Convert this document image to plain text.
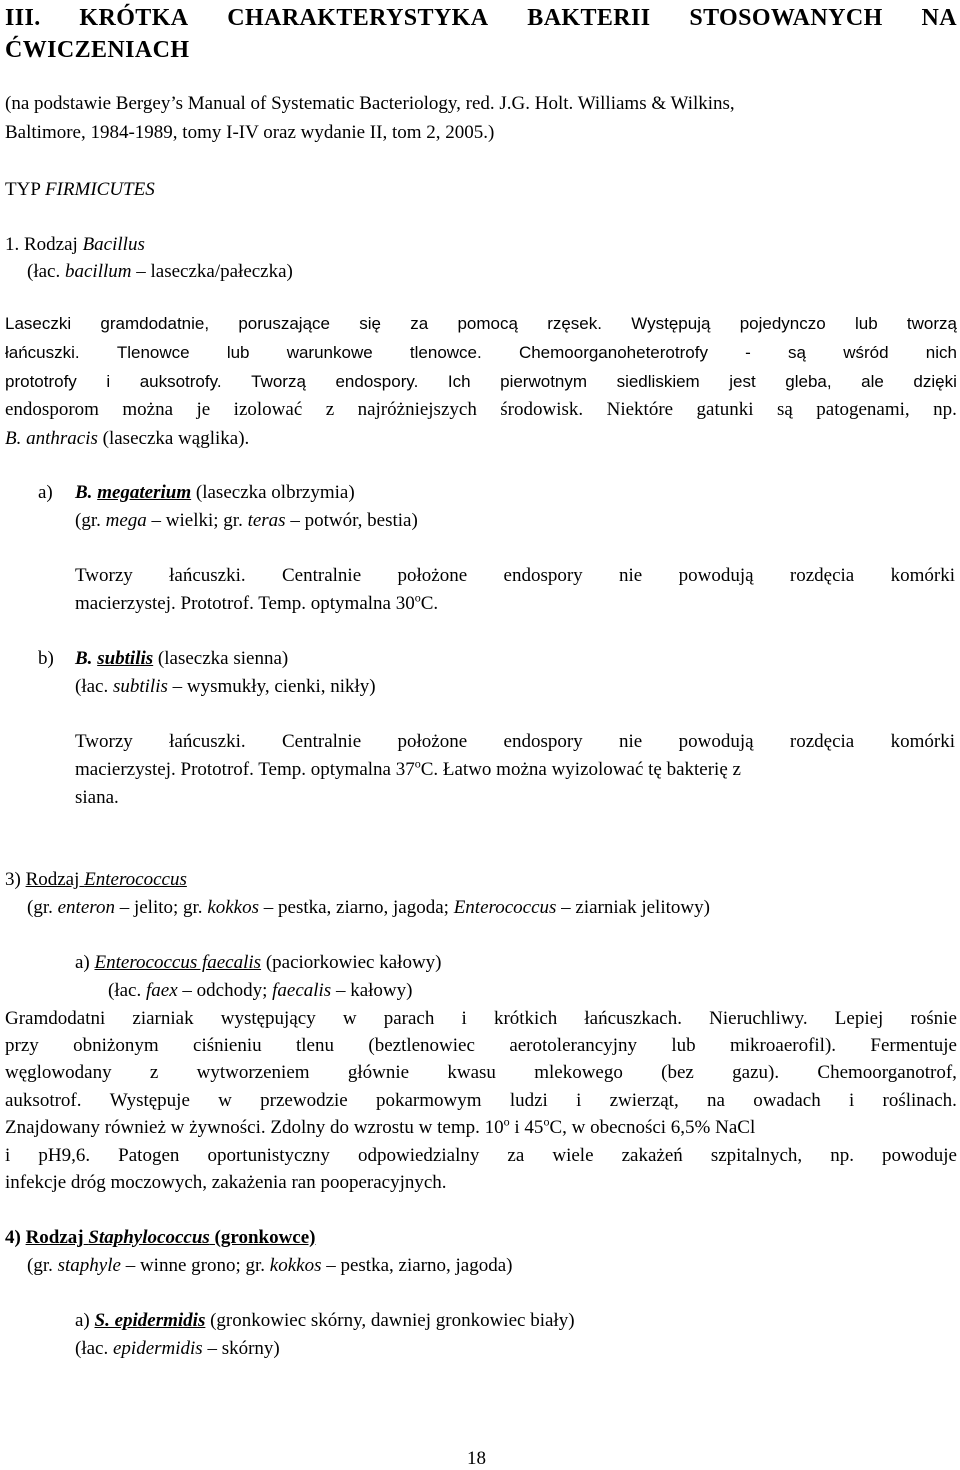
III. KRÓTKA CHARAKTERYSTYKA BAKTERII STOSOWANYCH NA
ĆWICZENIACH
(na podstawie Bergey’s Manual of Systematic Bacteriology, red. J.G. Holt. Williams & Wilkins,
Baltimore, 1984-1989, tomy I-IV oraz wydanie II, tom 2, 2005.)
TYP FIRMICUTES
1. Rodzaj Bacillus
(łac. bacillum – laseczka/pałeczka)
Laseczki gramdodatnie, poruszające się za pomocą rzęsek. Występują pojedynczo lub tworzą
łańcuszki. Tlenowce lub warunkowe tlenowce. Chemoorganoheterotrofy - są wśród nich
prototrofy i auksotrofy. Tworzą endospory. Ich pierwotnym siedliskiem jest gleba, ale dzięki
endosporom można je izolować z najróżniejszych środowisk. Niektóre gatunki są patogenami, np.
B. anthracis (laseczka wąglika).
a) B. megaterium (laseczka olbrzymia)
(gr. mega – wielki; gr. teras – potwór, bestia)
Tworzy łańcuszki. Centralnie położone endospory nie powodują rozdęcia komórki
macierzystej. Prototrof. Temp. optymalna 30$^o$C.
b) B. subtilis (laseczka sienna)
(łac. subtilis – wysmukły, cienki, nikły)
Tworzy łańcuszki. Centralnie położone endospory nie powodują rozdęcia komórki
macierzystej. Prototrof. Temp. optymalna 37$^o$C. Łatwo można wyizolować tę bakterię z
siana.
3) Rodzaj Enterococcus
(gr. enteron – jelito; gr. kokkos – pestka, ziarno, jagoda; Enterococcus – ziarniak jelitowy)
a) Enterococcus faecalis (paciorkowiec kałowy)
(łac. faex – odchody; faecalis – kałowy)
Gramdodatni ziarniak występujący w parach i krótkich łańcuszkach. Nieruchliwy. Lepiej rośnie
przy obniżonym ciśnieniu tlenu (beztlenowiec aerotolerancyjny lub mikroaerofil). Fermentuje
węglowodany z wytworzeniem głównie kwasu mlekowego (bez gazu). Chemoorganotrof,
auksotrof. Występuje w przewodzie pokarmowym ludzi i zwierząt, na owadach i roślinach.
Znajdowany również w żywności. Zdolny do wzrostu w temp. 10$^o$ i 45$^o$C, w obecności 6,5% NaCl
i pH9,6. Patogen oportunistyczny odpowiedzialny za wiele zakażeń szpitalnych, np. powoduje
infekcje dróg moczowych, zakażenia ran pooperacyjnych.
4) Rodzaj Staphylococcus (gronkowce)
(gr. staphyle – winne grono; gr. kokkos – pestka, ziarno, jagoda)
a) S. epidermidis (gronkowiec skórny, dawniej gronkowiec biały)
(łac. epidermidis – skórny)
18
